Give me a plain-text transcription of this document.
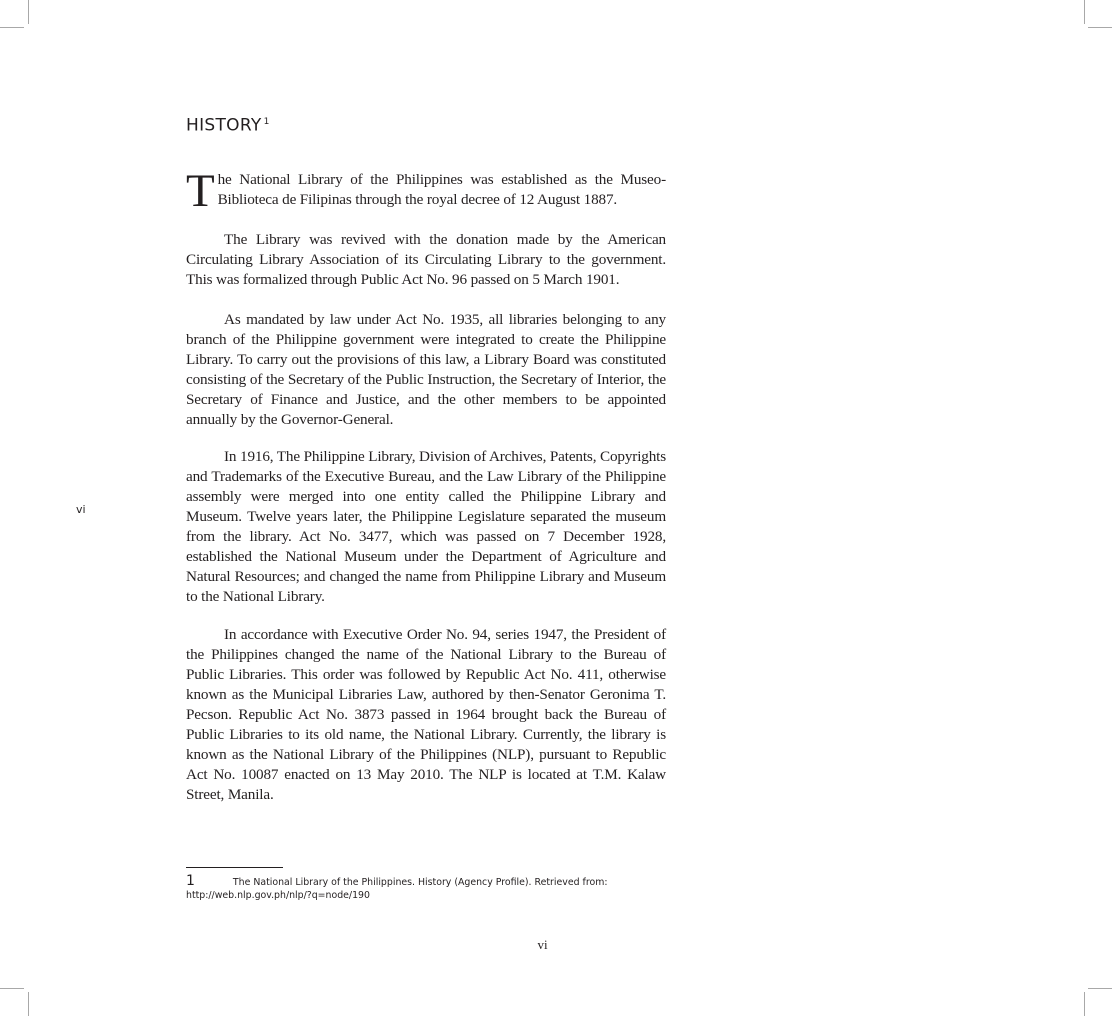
HISTORY $^1$
The National Library of the Philippines was established as the Museo-Biblioteca de Filipinas through the royal decree of 12 August 1887.

The Library was revived with the donation made by the American Circulating Library Association of its Circulating Library to the government. This was formalized through Public Act No. 96 passed on 5 March 1901.

As mandated by law under Act No. 1935, all libraries belonging to any branch of the Philippine government were integrated to create the Philippine Library. To carry out the provisions of this law, a Library Board was constituted consisting of the Secretary of the Public Instruction, the Secretary of Interior, the Secretary of Finance and Justice, and the other members to be appointed annually by the Governor-General.

In 1916, The Philippine Library, Division of Archives, Patents, Copyrights and Trademarks of the Executive Bureau, and the Law Library of the Philippine assembly were merged into one entity called the Philippine Library and Museum. Twelve years later, the Philippine Legislature separated the museum from the library. Act No. 3477, which was passed on 7 December 1928, established the National Museum under the Department of Agriculture and Natural Resources; and changed the name from Philippine Library and Museum to the National Library.

In accordance with Executive Order No. 94, series 1947, the President of the Philippines changed the name of the National Library to the Bureau of Public Libraries. This order was followed by Republic Act No. 411, otherwise known as the Municipal Libraries Law, authored by then-Senator Geronima T. Pecson. Republic Act No. 3873 passed in 1964 brought back the Bureau of Public Libraries to its old name, the National Library. Currently, the library is known as the National Library of the Philippines (NLP), pursuant to Republic Act No. 10087 enacted on 13 May 2010. The NLP is located at T.M. Kalaw Street, Manila.

vi
1	The National Library of the Philippines. History (Agency Profile). Retrieved from: http://web.nlp.gov.ph/nlp/?q=node/190
vi
